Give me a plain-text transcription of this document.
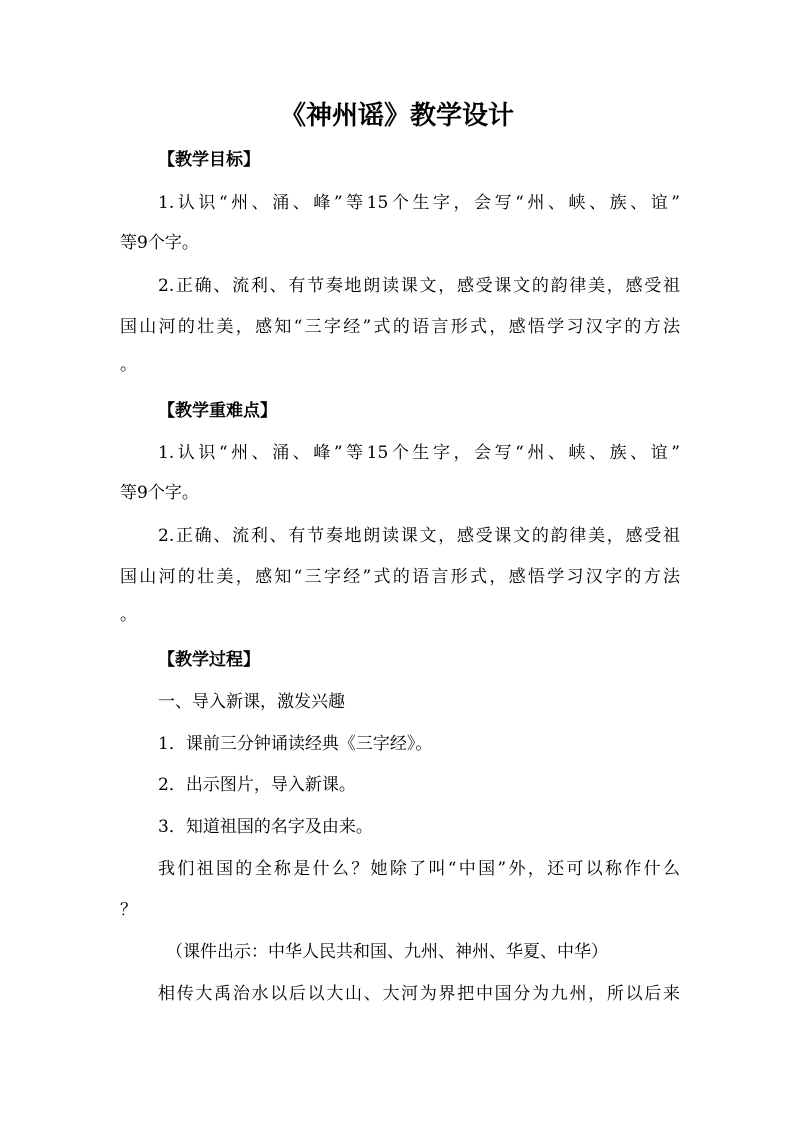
《神州谣》教学设计

【教学目标】

1.认识“州、涌、峰”等15个生字，会写“州、峡、族、谊”

等9个字。

2.正确、流利、有节奏地朗读课文，感受课文的韵律美，感受祖

国山河的壮美，感知“三字经”式的语言形式，感悟学习汉字的方法

。

【教学重难点】

1.认识“州、涌、峰”等15个生字，会写“州、峡、族、谊”

等9个字。

2.正确、流利、有节奏地朗读课文，感受课文的韵律美，感受祖

国山河的壮美，感知“三字经”式的语言形式，感悟学习汉字的方法

。

【教学过程】

一、导入新课，激发兴趣

1．课前三分钟诵读经典《三字经》。

2．出示图片，导入新课。

3．知道祖国的名字及由来。

我们祖国的全称是什么？她除了叫“中国”外，还可以称作什么

？

（课件出示：中华人民共和国、九州、神州、华夏、中华）

相传大禹治水以后以大山、大河为界把中国分为九州，所以后来
